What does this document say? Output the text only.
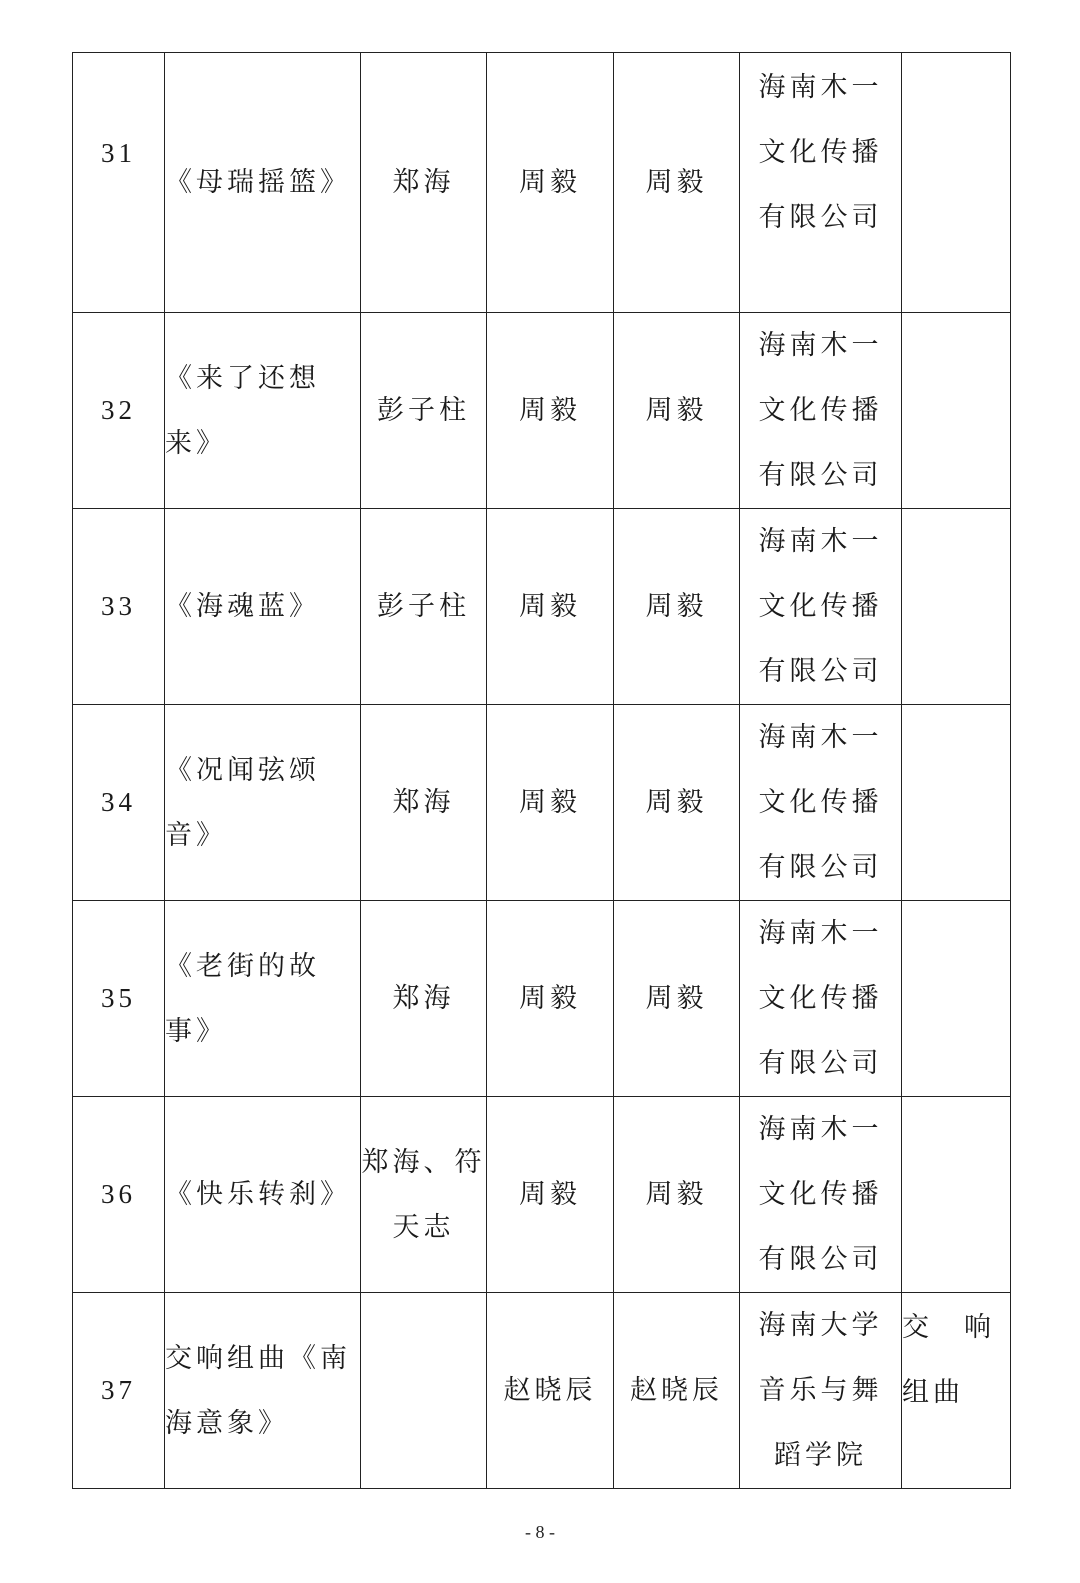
31	《母瑞摇篮》	郑海	周毅	周毅	海南木一
文化传播
有限公司	

32	《来了还想
来》	彭子柱	周毅	周毅	海南木一
文化传播
有限公司	

33	《海魂蓝》	彭子柱	周毅	周毅	海南木一
文化传播
有限公司	

34	《况闻弦颂
音》	郑海	周毅	周毅	海南木一
文化传播
有限公司	

35	《老街的故
事》	郑海	周毅	周毅	海南木一
文化传播
有限公司	

36	《快乐转刹》	郑海、符
天志	周毅	周毅	海南木一
文化传播
有限公司	

37	交响组曲《南
海意象》		赵晓辰	赵晓辰	海南大学
音乐与舞
蹈学院	交　响
组曲
- 8 -
